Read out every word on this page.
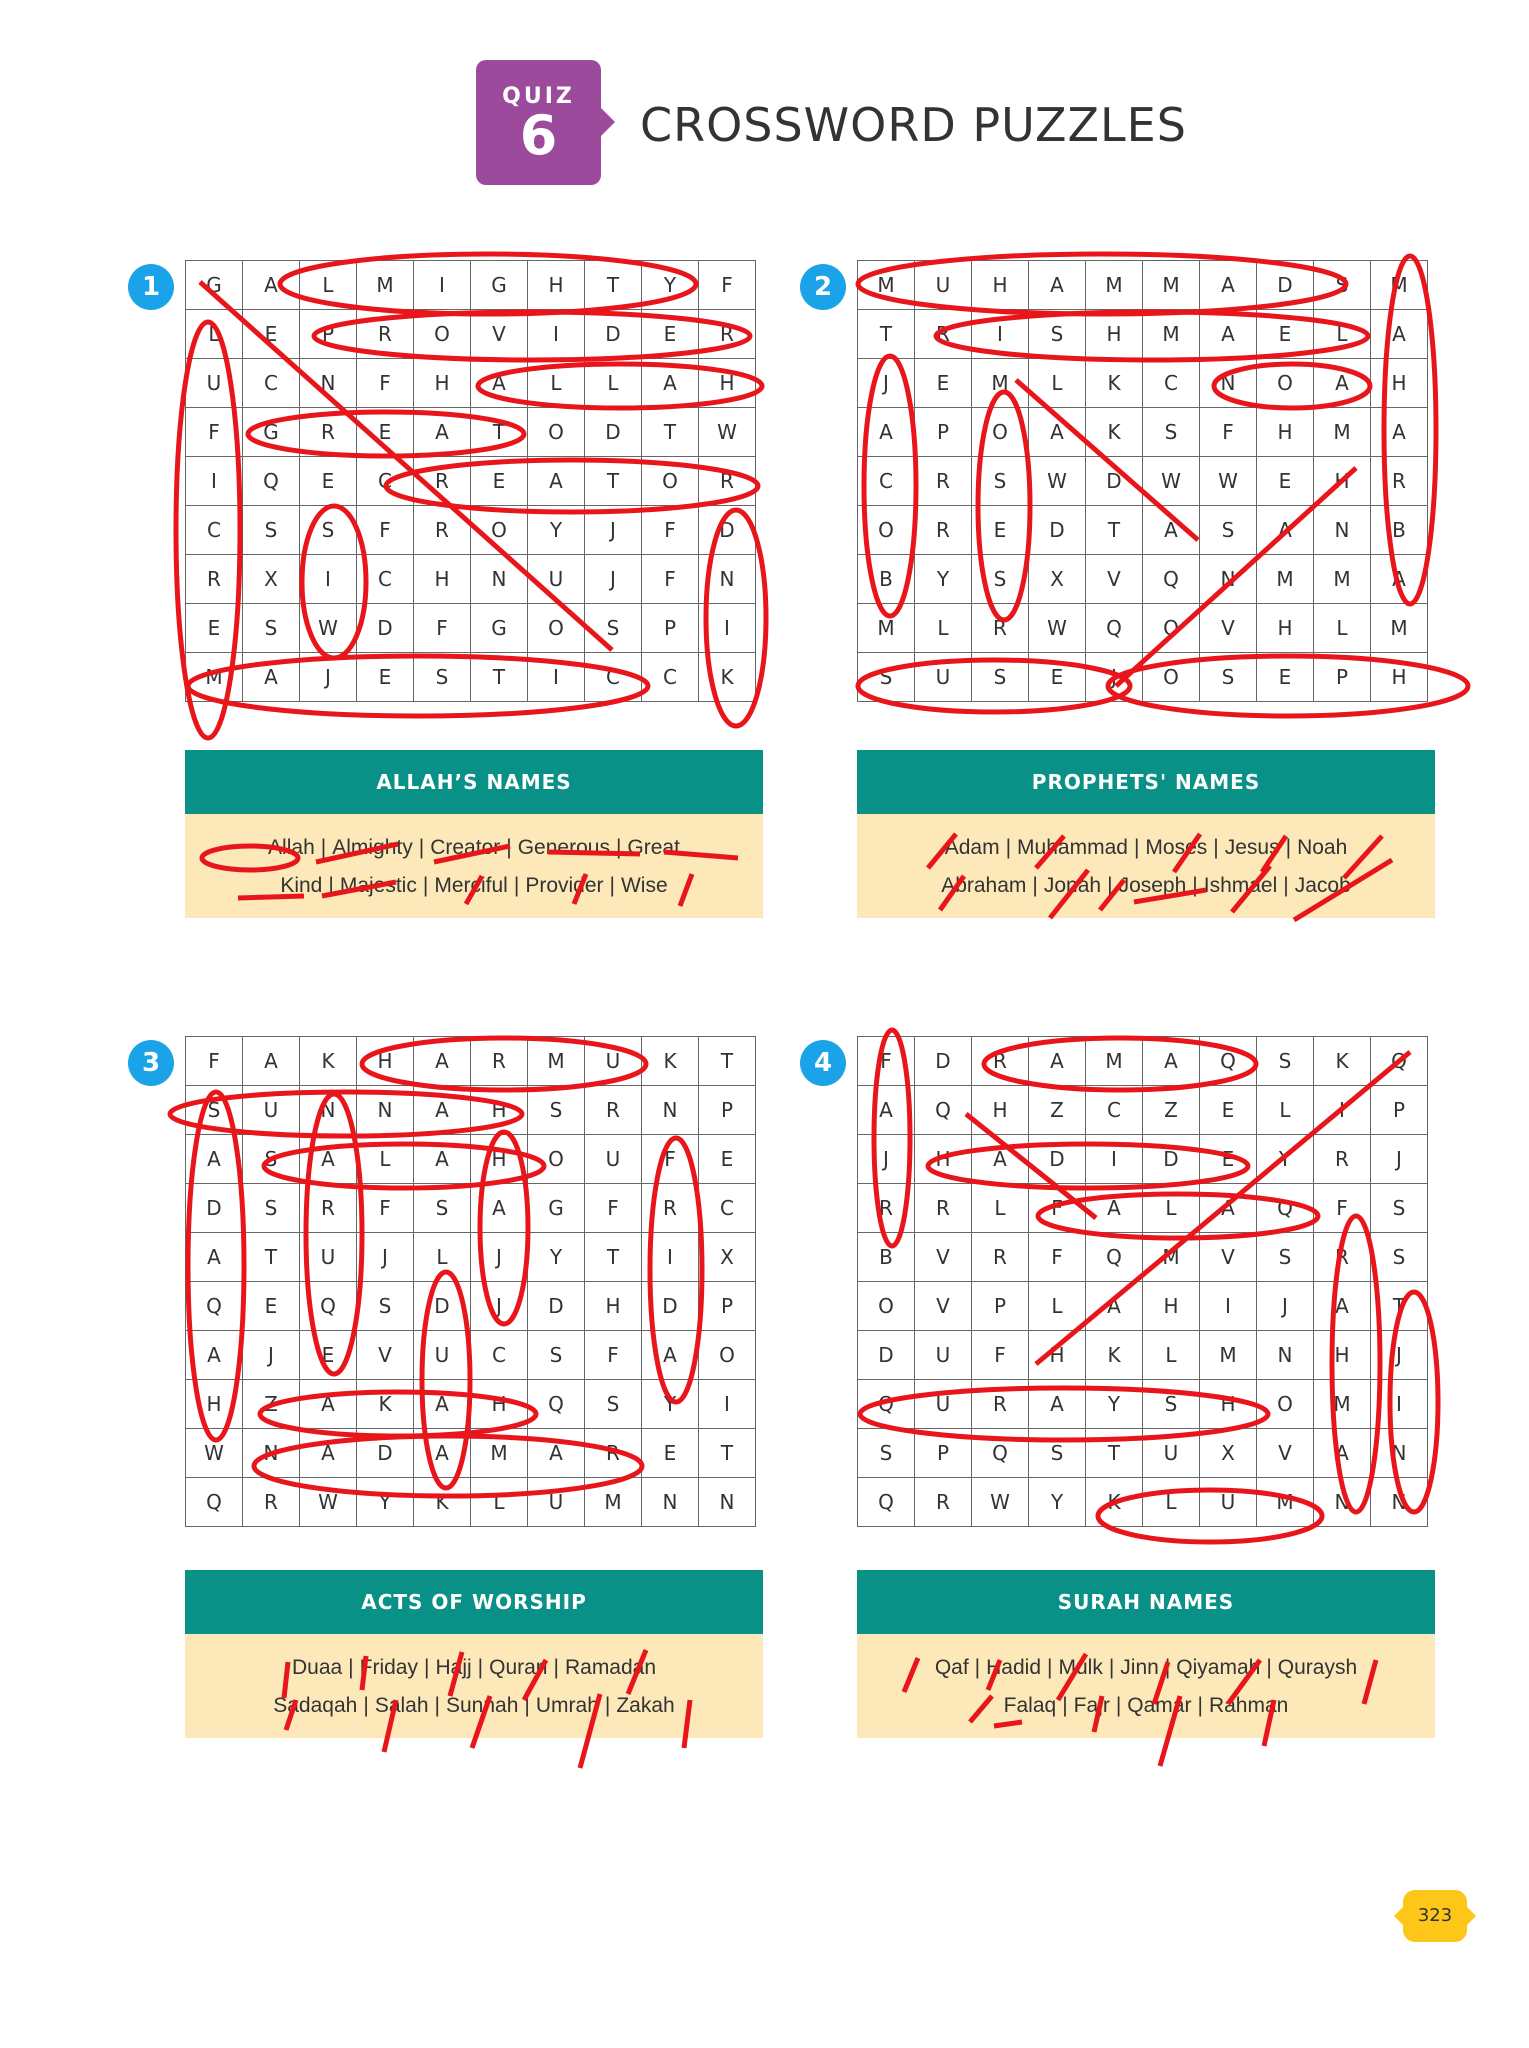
QUIZ
6	CROSSWORD PUZZLES
1	G	A	L	M	I	G	H	T	Y	F
L	E	P	R	O	V	I	D	E	R
U	C	N	F	H	A	L	L	A	H
F	G	R	E	A	T	O	D	T	W
I	Q	E	C	R	E	A	T	O	R
C	S	S	F	R	O	Y	J	F	D
R	X	I	C	H	N	U	J	F	N
E	S	W	D	F	G	O	S	P	I
M	A	J	E	S	T	I	C	C	K
ALLAH’S NAMES
Allah | Almighty | Creator | Generous | Great
Kind | Majestic | Merciful | Provider | Wise
2	M	U	H	A	M	M	A	D	S	M
T	R	I	S	H	M	A	E	L	A
J	E	M	L	K	C	N	O	A	H
A	P	O	A	K	S	F	H	M	A
C	R	S	W	D	W	W	E	H	R
O	R	E	D	T	A	S	A	N	B
B	Y	S	X	V	Q	N	M	M	A
M	L	R	W	Q	O	V	H	L	M
S	U	S	E	J	O	S	E	P	H
PROPHETS' NAMES
Adam | Muhammad | Moses | Jesus | Noah
Abraham | Jonah | Joseph | Ishmael | Jacob
3	F	A	K	H	A	R	M	U	K	T
S	U	N	N	A	H	S	R	N	P
A	S	A	L	A	H	O	U	F	E
D	S	R	F	S	A	G	F	R	C
A	T	U	J	L	J	Y	T	I	X
Q	E	Q	S	D	J	D	H	D	P
A	J	E	V	U	C	S	F	A	O
H	Z	A	K	A	H	Q	S	Y	I
W	N	A	D	A	M	A	R	E	T
Q	R	W	Y	K	L	U	M	N	N
ACTS OF WORSHIP
Duaa | Friday | Hajj | Quran | Ramadan
Sadaqah | Salah | Sunnah | Umrah | Zakah
4	F	D	R	A	M	A	Q	S	K	Q
A	Q	H	Z	C	Z	E	L	I	P
J	H	A	D	I	D	E	Y	R	J
R	R	L	F	A	L	A	Q	F	S
B	V	R	F	Q	M	V	S	R	S
O	V	P	L	A	H	I	J	A	T
D	U	F	H	K	L	M	N	H	J
Q	U	R	A	Y	S	H	O	M	I
S	P	Q	S	T	U	X	V	A	N
Q	R	W	Y	K	L	U	M	N	N
SURAH NAMES
Qaf | Hadid | Mulk | Jinn | Qiyamah | Quraysh
Falaq | Fajr | Qamar | Rahman
323
